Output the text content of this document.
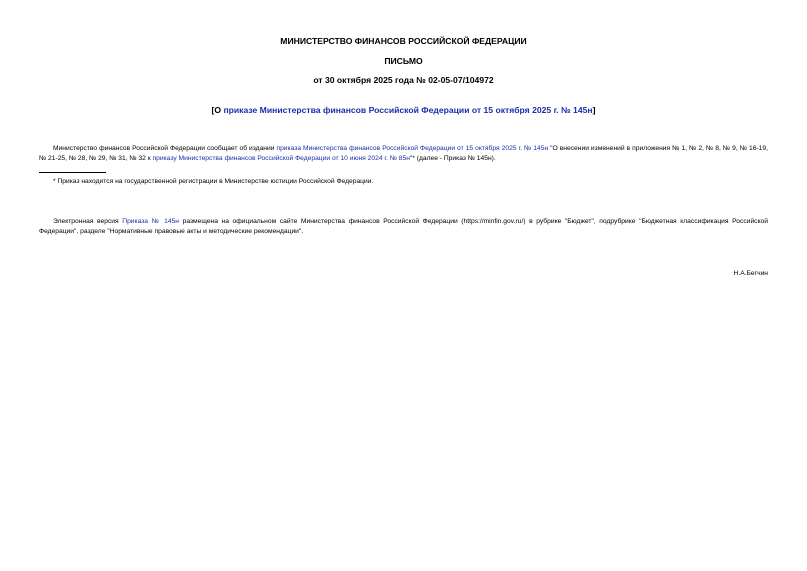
МИНИСТЕРСТВО ФИНАНСОВ РОССИЙСКОЙ ФЕДЕРАЦИИ
ПИСЬМО
от 30 октября 2025 года № 02-05-07/104972
[О приказе Министерства финансов Российской Федерации от 15 октября 2025 г. № 145н]
Министерство финансов Российской Федерации сообщает об издании приказа Министерства финансов Российской Федерации от 15 октября 2025 г. № 145н "О внесении изменений в приложения № 1, № 2, № 8, № 9, № 16-19, № 21-25, № 28, № 29, № 31, № 32 к приказу Министерства финансов Российской Федерации от 10 июня 2024 г. № 85н"* (далее - Приказ № 145н).
* Приказ находится на государственной регистрации в Министерстве юстиции Российской Федерации.
Электронная версия Приказа № 145н размещена на официальном сайте Министерства финансов Российской Федерации (https://minfin.gov.ru/) в рубрике "Бюджет", подрубрике "Бюджетная классификация Российской Федерации", разделе "Нормативные правовые акты и методические рекомендации".
Н.А.Бегчин
